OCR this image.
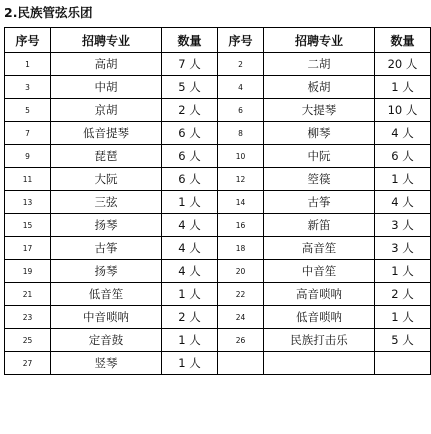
2.民族管弦乐团
序号	招聘专业	数量	序号	招聘专业	数量
1	高胡	7 人	2	二胡	20 人
3	中胡	5 人	4	板胡	1 人
5	京胡	2 人	6	大提琴	10 人
7	低音提琴	6 人	8	柳琴	4 人
9	琵琶	6 人	10	中阮	6 人
11	大阮	6 人	12	箜篌	1 人
13	三弦	1 人	14	古筝	4 人
15	扬琴	4 人	16	新笛	3 人
17	古筝	4 人	18	高音笙	3 人
19	扬琴	4 人	20	中音笙	1 人
21	低音笙	1 人	22	高音唢呐	2 人
23	中音唢呐	2 人	24	低音唢呐	1 人
25	定音鼓	1 人	26	民族打击乐	5 人
27	竖琴	1 人			
